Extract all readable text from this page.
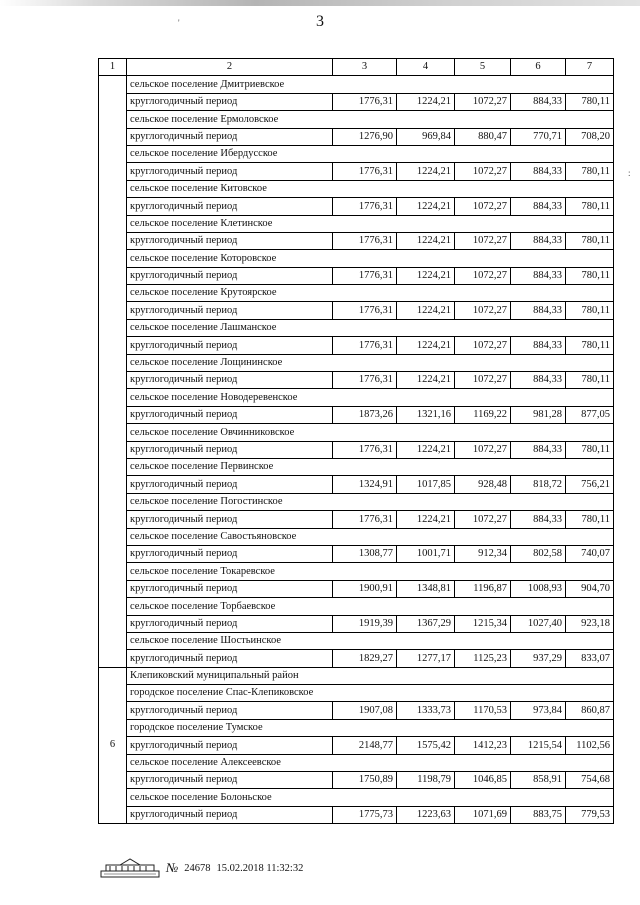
3
'
:
1	2	3	4	5	6	7
	сельское поселение Дмитриевское					
	круглогодичный период	1776,31	1224,21	1072,27	884,33	780,11
	сельское поселение Ермоловское					
	круглогодичный период	1276,90	969,84	880,47	770,71	708,20
	сельское поселение Ибердусское					
	круглогодичный период	1776,31	1224,21	1072,27	884,33	780,11
	сельское поселение Китовское					
	круглогодичный период	1776,31	1224,21	1072,27	884,33	780,11
	сельское поселение Клетинское					
	круглогодичный период	1776,31	1224,21	1072,27	884,33	780,11
	сельское поселение Которовское					
	круглогодичный период	1776,31	1224,21	1072,27	884,33	780,11
	сельское поселение Крутоярское					
	круглогодичный период	1776,31	1224,21	1072,27	884,33	780,11
	сельское поселение Лашманское					
	круглогодичный период	1776,31	1224,21	1072,27	884,33	780,11
	сельское поселение Лощининское					
	круглогодичный период	1776,31	1224,21	1072,27	884,33	780,11
	сельское поселение Новодеревенское					
	круглогодичный период	1873,26	1321,16	1169,22	981,28	877,05
	сельское поселение Овчинниковское					
	круглогодичный период	1776,31	1224,21	1072,27	884,33	780,11
	сельское поселение Первинское					
	круглогодичный период	1324,91	1017,85	928,48	818,72	756,21
	сельское поселение Погостинское					
	круглогодичный период	1776,31	1224,21	1072,27	884,33	780,11
	сельское поселение Савостьяновское					
	круглогодичный период	1308,77	1001,71	912,34	802,58	740,07
	сельское поселение Токаревское					
	круглогодичный период	1900,91	1348,81	1196,87	1008,93	904,70
	сельское поселение Торбаевское					
	круглогодичный период	1919,39	1367,29	1215,34	1027,40	923,18
	сельское поселение Шостьинское					
	круглогодичный период	1829,27	1277,17	1125,23	937,29	833,07
6	Клепиковский муниципальный район					
	городское поселение Спас-Клепиковское					
	круглогодичный период	1907,08	1333,73	1170,53	973,84	860,87
	городское поселение Тумское					
	круглогодичный период	2148,77	1575,42	1412,23	1215,54	1102,56
	сельское поселение Алексеевское					
	круглогодичный период	1750,89	1198,79	1046,85	858,91	754,68
	сельское поселение Болоньское					
	круглогодичный период	1775,73	1223,63	1071,69	883,75	779,53
№ 24678 15.02.2018 11:32:32
